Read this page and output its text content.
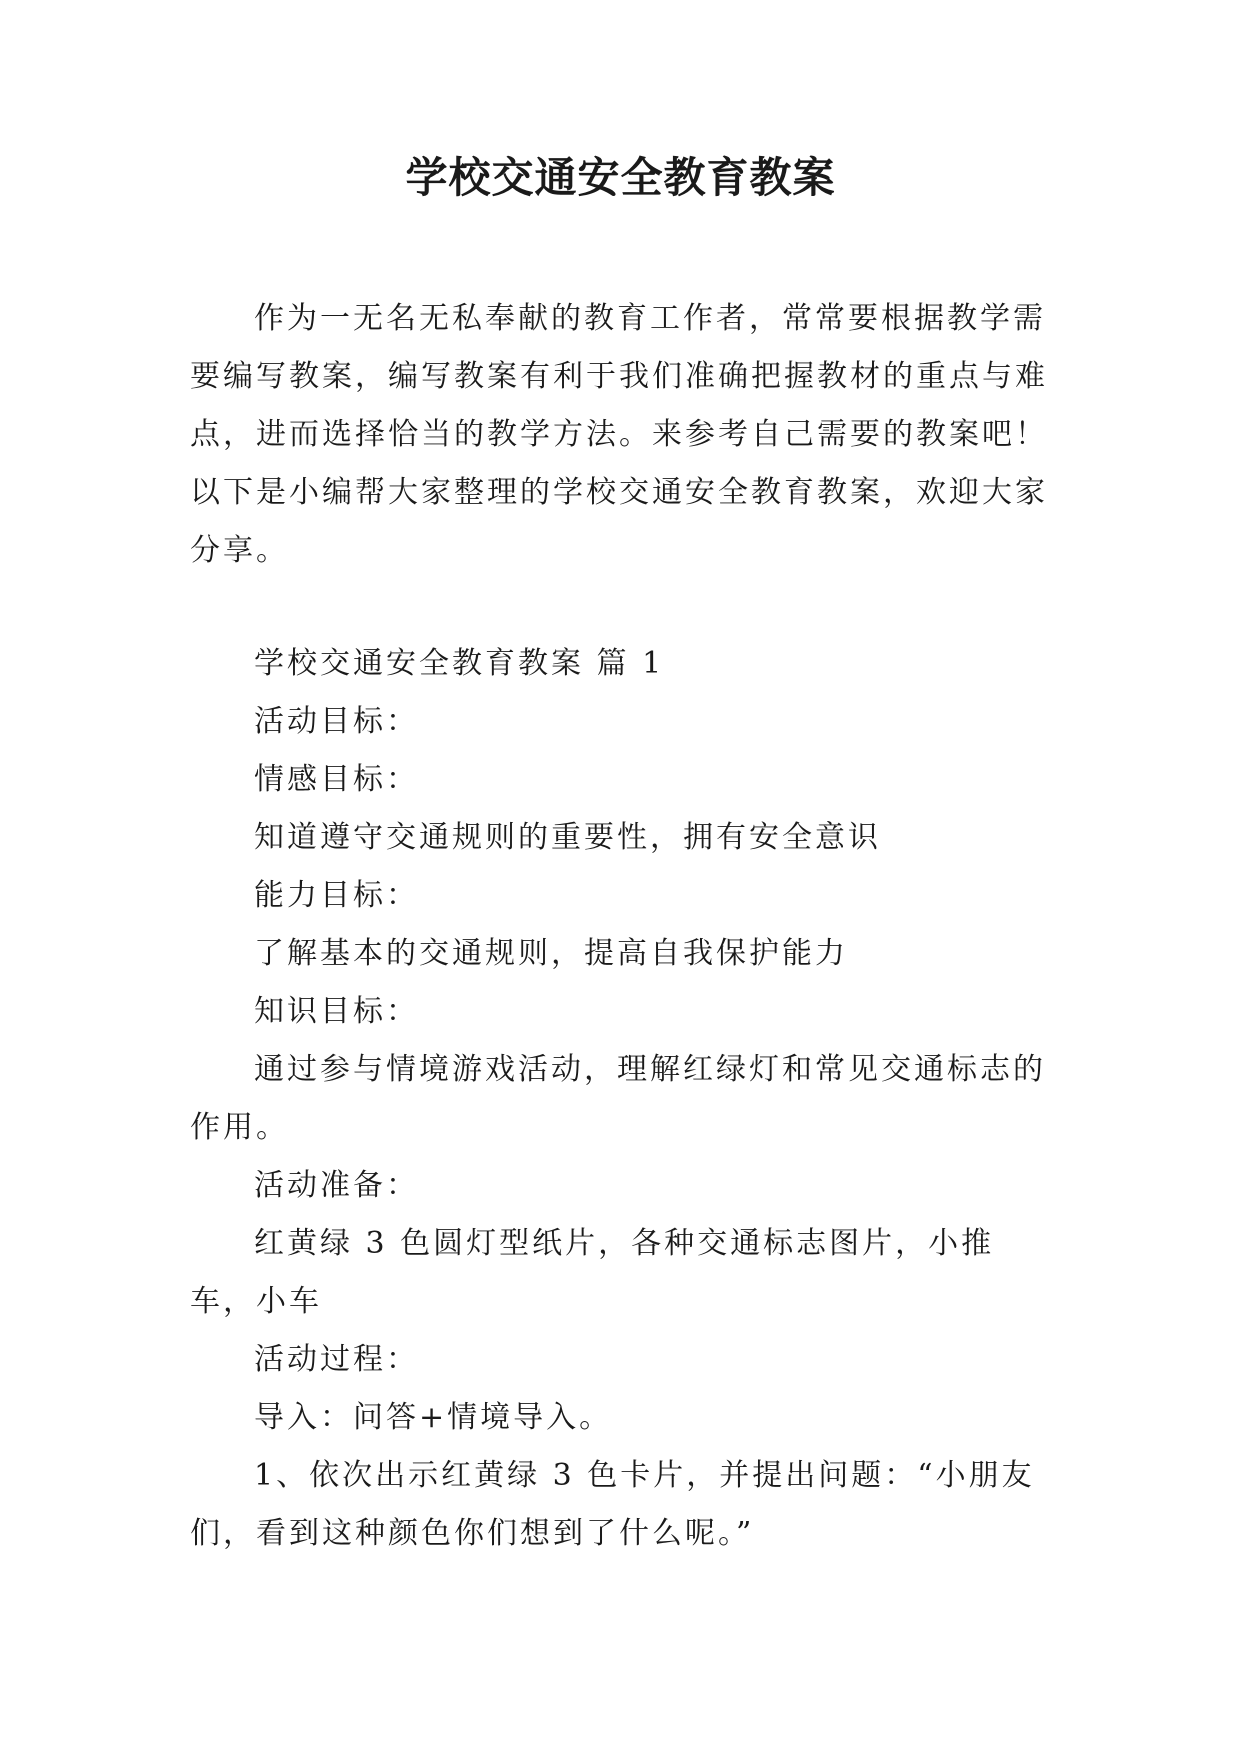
学校交通安全教育教案

作为一无名无私奉献的教育工作者，常常要根据教学需要编写教案，编写教案有利于我们准确把握教材的重点与难点，进而选择恰当的教学方法。来参考自己需要的教案吧！以下是小编帮大家整理的学校交通安全教育教案，欢迎大家分享。

学校交通安全教育教案 篇 1

活动目标：

情感目标：

知道遵守交通规则的重要性，拥有安全意识

能力目标：

了解基本的交通规则，提高自我保护能力

知识目标：

通过参与情境游戏活动，理解红绿灯和常见交通标志的作用。

活动准备：

红黄绿 3 色圆灯型纸片，各种交通标志图片，小推车，小车

活动过程：

导入：问答+情境导入。

1、依次出示红黄绿 3 色卡片，并提出问题：“小朋友们，看到这种颜色你们想到了什么呢。”
